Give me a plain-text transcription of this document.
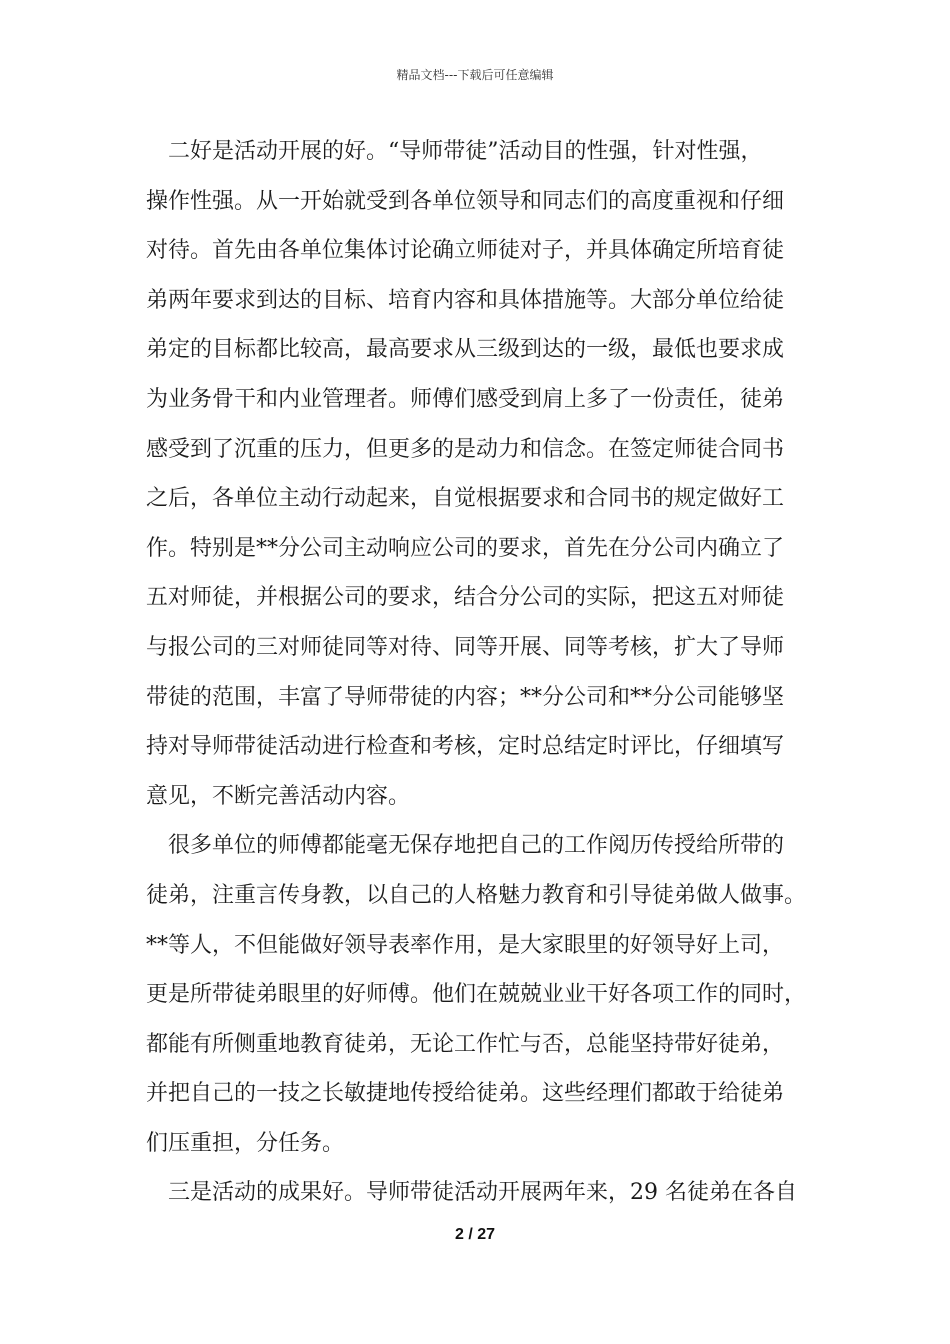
精品文档---下载后可任意编辑
　二好是活动开展的好。“导师带徒”活动目的性强，针对性强，
操作性强。从一开始就受到各单位领导和同志们的高度重视和仔细
对待。首先由各单位集体讨论确立师徒对子，并具体确定所培育徒
弟两年要求到达的目标、培育内容和具体措施等。大部分单位给徒
弟定的目标都比较高，最高要求从三级到达的一级，最低也要求成
为业务骨干和内业管理者。师傅们感受到肩上多了一份责任，徒弟
感受到了沉重的压力，但更多的是动力和信念。在签定师徒合同书
之后，各单位主动行动起来，自觉根据要求和合同书的规定做好工
作。特别是**分公司主动响应公司的要求，首先在分公司内确立了
五对师徒，并根据公司的要求，结合分公司的实际，把这五对师徒
与报公司的三对师徒同等对待、同等开展、同等考核，扩大了导师
带徒的范围，丰富了导师带徒的内容；**分公司和**分公司能够坚
持对导师带徒活动进行检查和考核，定时总结定时评比，仔细填写
意见，不断完善活动内容。
　很多单位的师傅都能毫无保存地把自己的工作阅历传授给所带的
徒弟，注重言传身教，以自己的人格魅力教育和引导徒弟做人做事。
**等人，不但能做好领导表率作用，是大家眼里的好领导好上司，
更是所带徒弟眼里的好师傅。他们在兢兢业业干好各项工作的同时，
都能有所侧重地教育徒弟，无论工作忙与否，总能坚持带好徒弟，
并把自己的一技之长敏捷地传授给徒弟。这些经理们都敢于给徒弟
们压重担，分任务。
　三是活动的成果好。导师带徒活动开展两年来，29 名徒弟在各自
2 / 27
